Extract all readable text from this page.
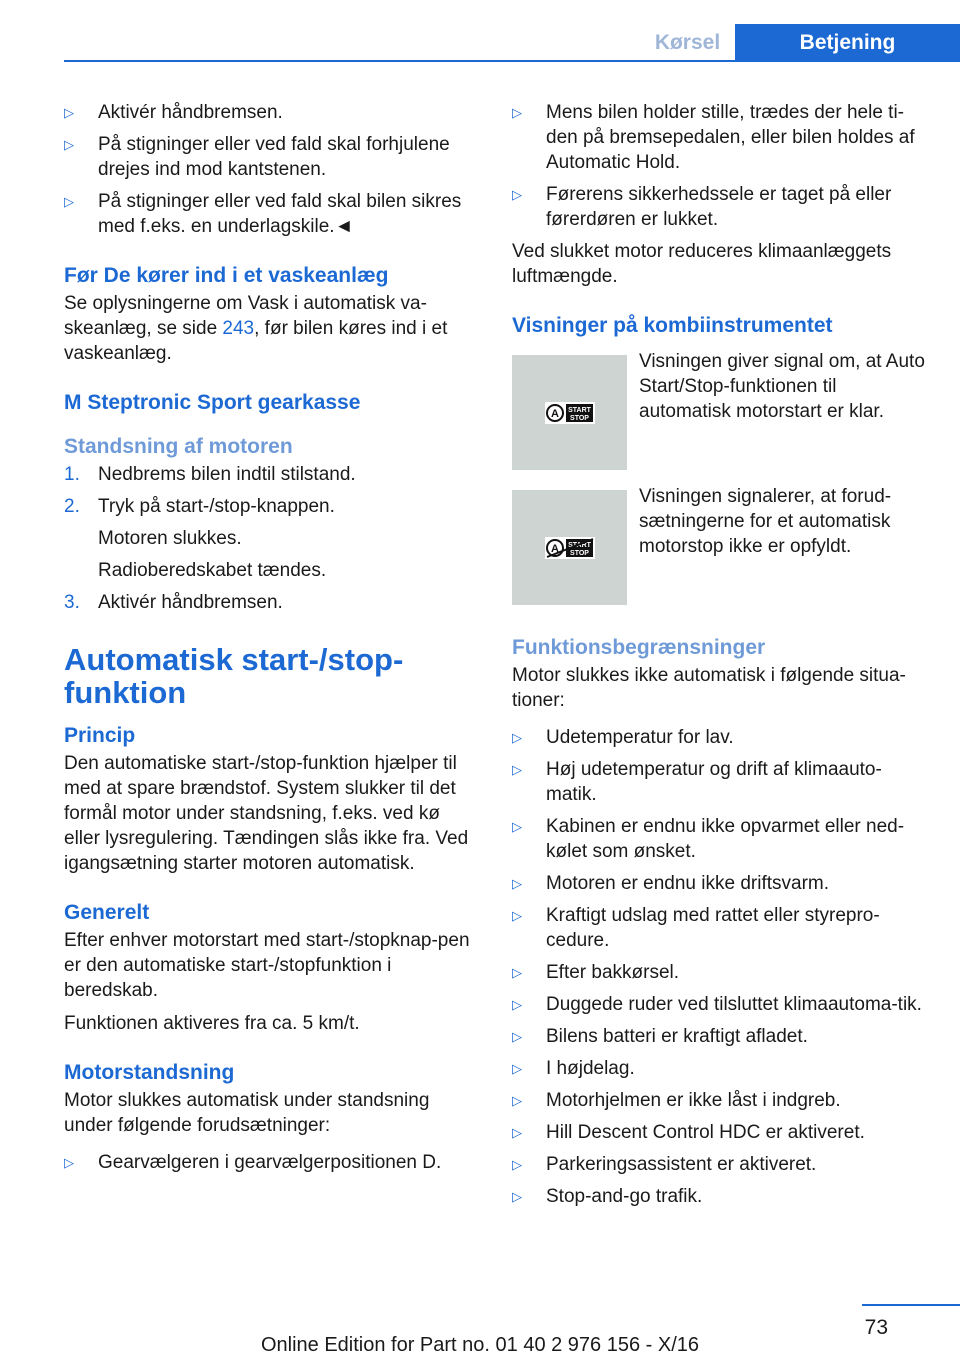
Kørsel	Betjening
▷ Aktivér håndbremsen.
▷ På stigninger eller ved fald skal forhjulene drejes ind mod kantstenen.
▷ På stigninger eller ved fald skal bilen sikres med f.eks. en underlagskile.◄
Før De kører ind i et vaskeanlæg

Se oplysningerne om Vask i automatisk va-skeanlæg, se side 243, før bilen køres ind i et vaskeanlæg.

M Steptronic Sport gearkasse
Standsning af motoren
1. Nedbrems bilen indtil stilstand.
2. Tryk på start-/stop-knappen.
Motoren slukkes.
Radioberedskabet tændes.
3. Aktivér håndbremsen.
Automatisk start-/stop-funktion
Princip

Den automatiske start-/stop-funktion hjælper til med at spare brændstof. System slukker til det formål motor under standsning, f.eks. ved kø eller lysregulering. Tændingen slås ikke fra. Ved igangsætning starter motoren automatisk.

Generelt

Efter enhver motorstart med start-/stopknap-pen er den automatiske start-/stopfunktion i beredskab.

Funktionen aktiveres fra ca. 5 km/t.

Motorstandsning

Motor slukkes automatisk under standsning under følgende forudsætninger:

▷ Gearvælgeren i gearvælgerpositionen D.
▷ Mens bilen holder stille, trædes der hele ti-den på bremsepedalen, eller bilen holdes af Automatic Hold.
▷ Førerens sikkerhedssele er taget på eller førerdøren er lukket.

Ved slukket motor reduceres klimaanlæggets luftmængde.

Visninger på kombiinstrumentet
A START
STOP
Visningen giver signal om, at Auto Start/Stop-funktionen til automatisk motorstart er klar.
A START
STOP
Visningen signalerer, at forud-sætningerne for et automatisk motorstop ikke er opfyldt.
Funktionsbegrænsninger

Motor slukkes ikke automatisk i følgende situa-tioner:

▷ Udetemperatur for lav.
▷ Høj udetemperatur og drift af klimaauto-matik.
▷ Kabinen er endnu ikke opvarmet eller ned-kølet som ønsket.
▷ Motoren er endnu ikke driftsvarm.
▷ Kraftigt udslag med rattet eller styrepro-cedure.
▷ Efter bakkørsel.
▷ Duggede ruder ved tilsluttet klimaautoma-tik.
▷ Bilens batteri er kraftigt afladet.
▷ I højdelag.
▷ Motorhjelmen er ikke låst i indgreb.
▷ Hill Descent Control HDC er aktiveret.
▷ Parkeringsassistent er aktiveret.
▷ Stop-and-go trafik.
73
Online Edition for Part no. 01 40 2 976 156 - X/16
